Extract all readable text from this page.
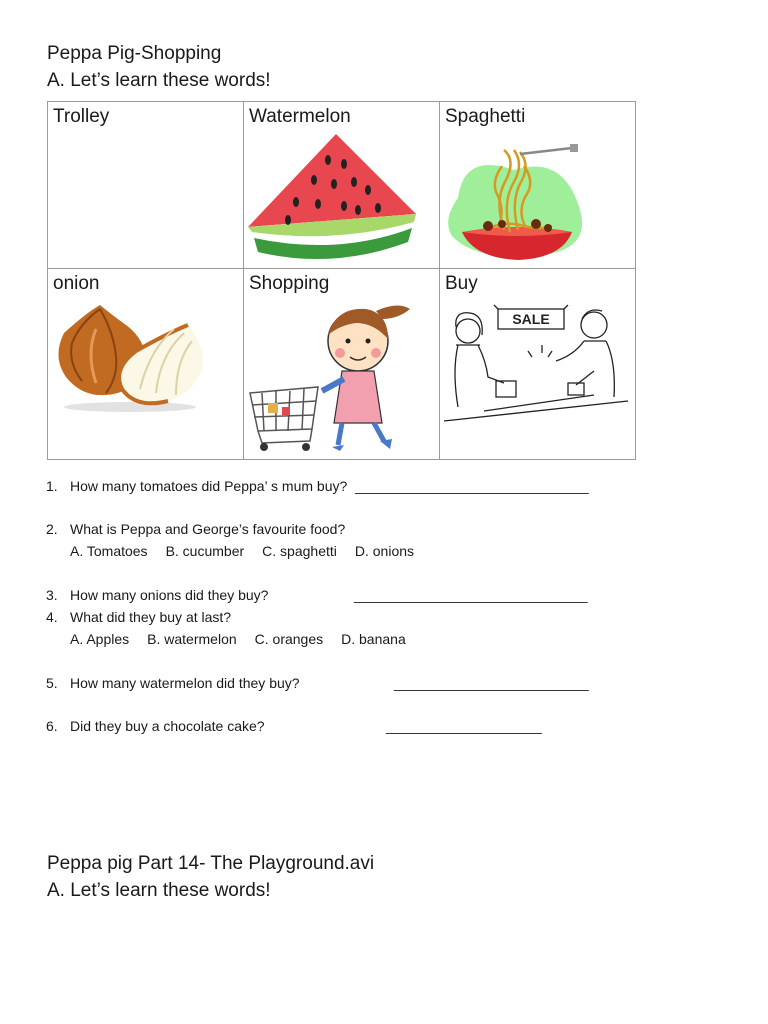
Peppa Pig-Shopping
A. Let’s learn these words!
Trolley	Watermelon	Spaghetti

onion	Shopping	Buy
SALE
1. How many tomatoes did Peppa’ s mum buy? ______________________________
2. What is Peppa and George’s favourite food?
A. Tomatoes B. cucumber C. spaghetti D. onions
3. How many onions did they buy?	______________________________
4. What did they buy at last?
A. Apples B. watermelon C. oranges D. banana
5. How many watermelon did they buy?	_________________________
6. Did they buy a chocolate cake?	____________________
Peppa pig Part 14- The Playground.avi
A. Let’s learn these words!
